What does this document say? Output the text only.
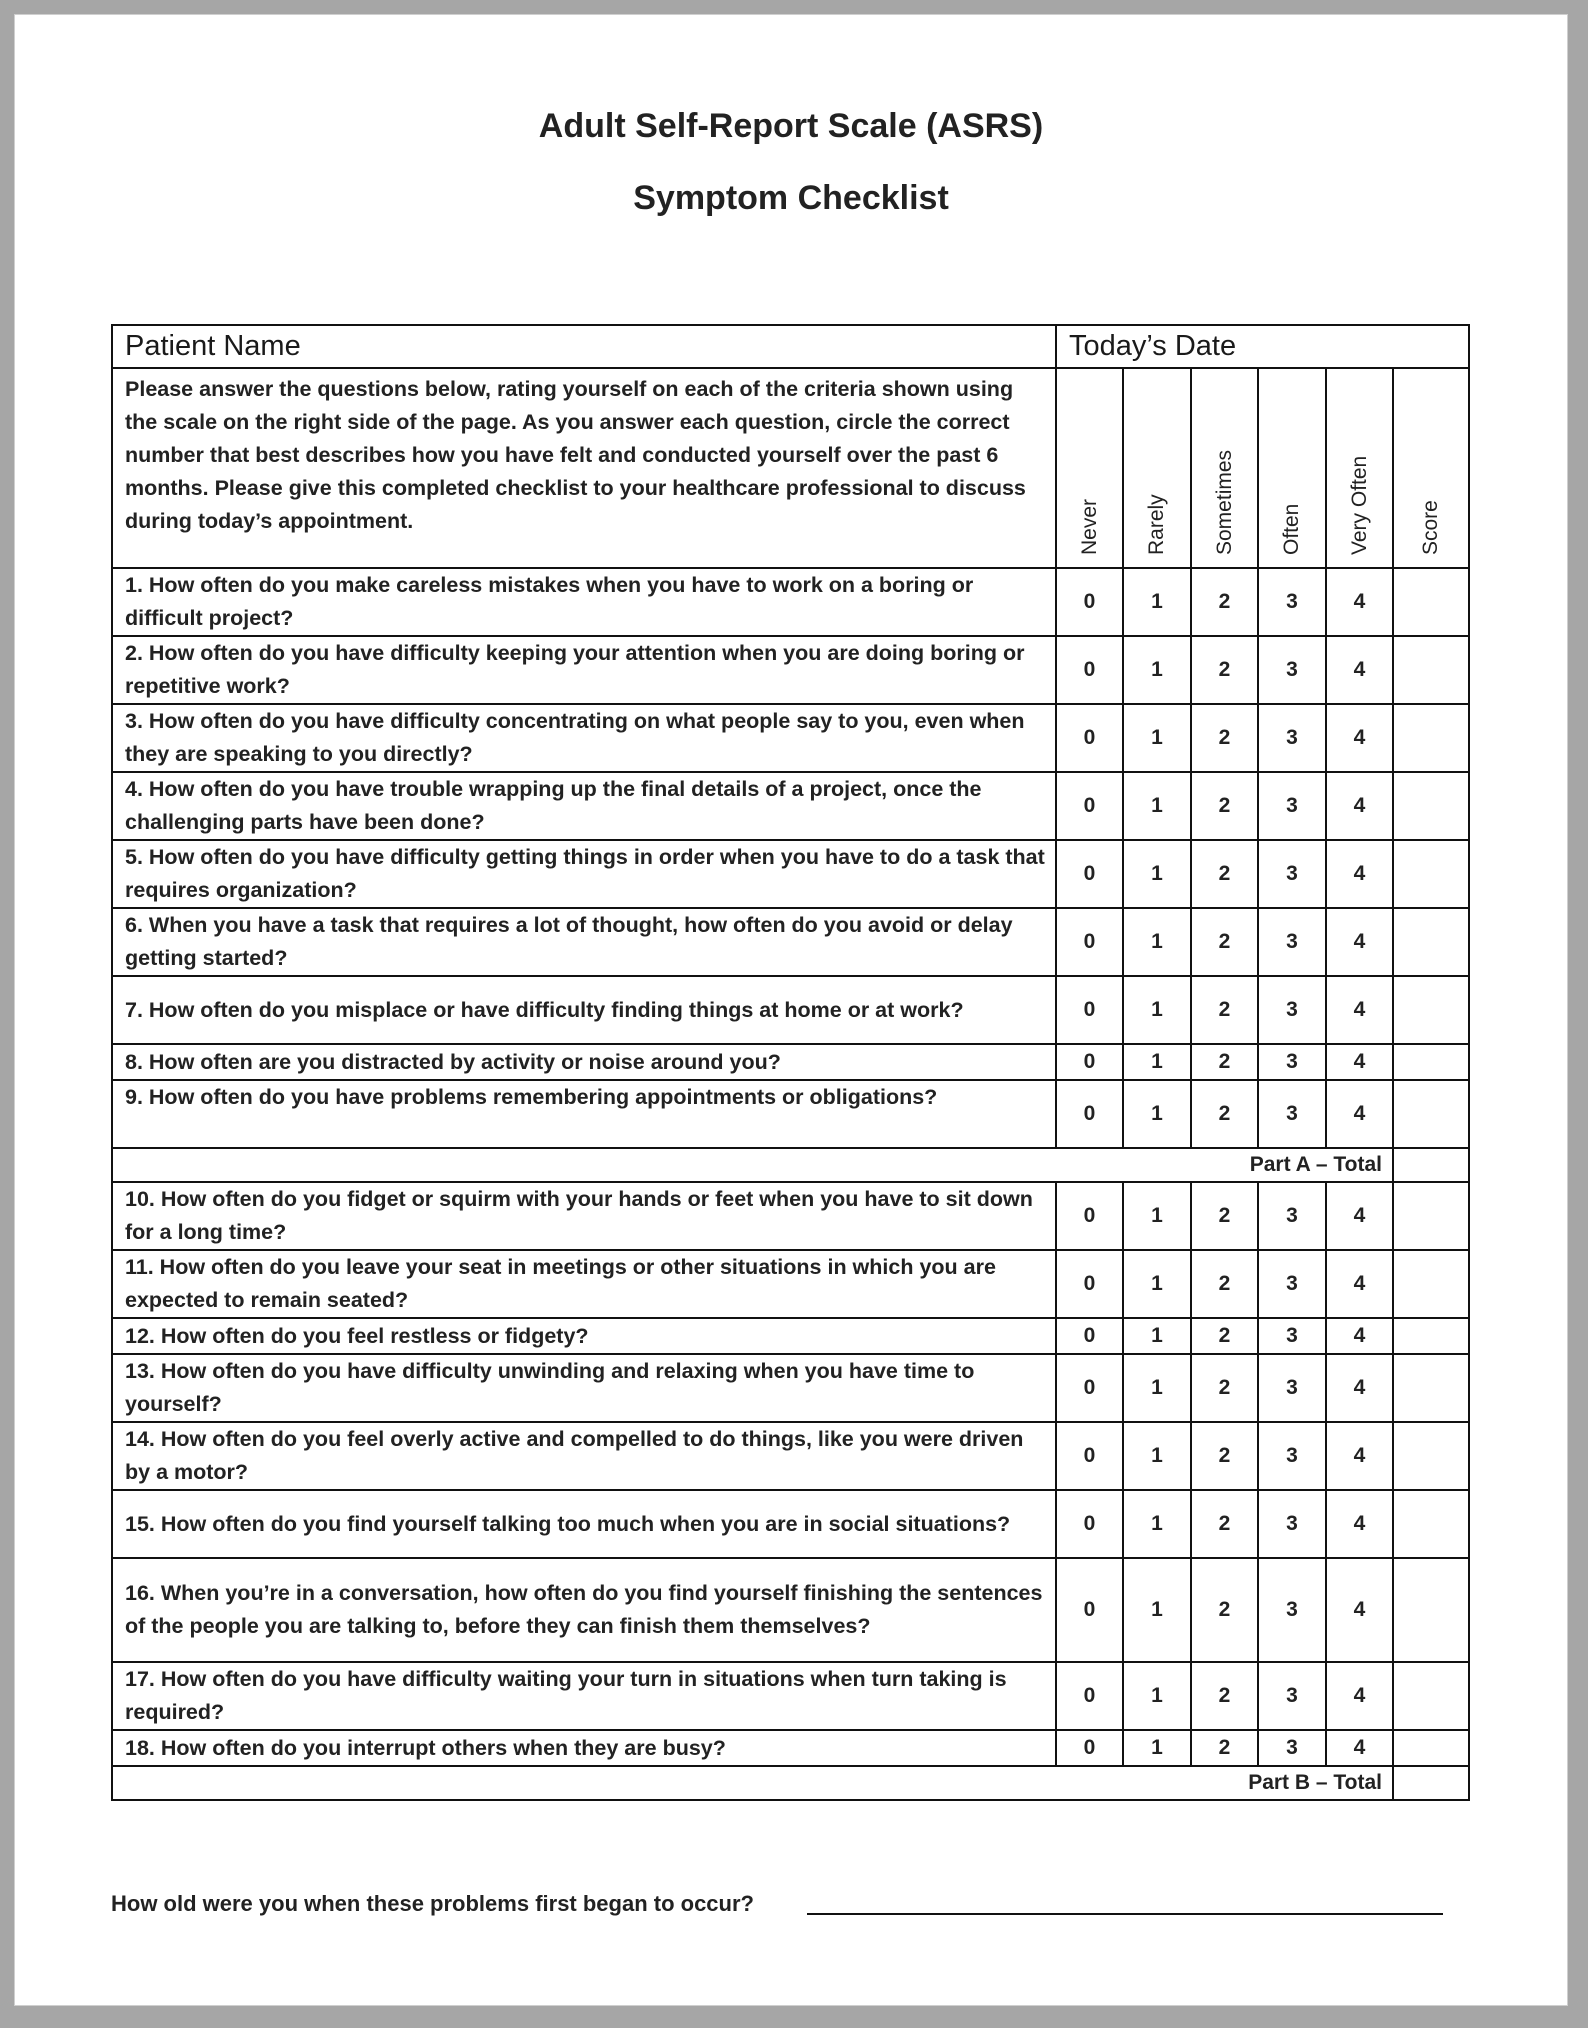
Adult Self-Report Scale (ASRS)
Symptom Checklist
Patient Name	Today’s Date					
Please answer the questions below, rating yourself on each of the criteria shown using the scale on the right side of the page. As you answer each question, circle the correct number that best describes how you have felt and conducted yourself over the past 6 months. Please give this completed checklist to your healthcare professional to discuss during today’s appointment.	Never	Rarely	Sometimes	Often	Very Often	Score

1. How often do you make careless mistakes when you have to work on a boring or difficult project?	0	1	2	3	4	
2. How often do you have difficulty keeping your attention when you are doing boring or repetitive work?	0	1	2	3	4	
3. How often do you have difficulty concentrating on what people say to you, even when they are speaking to you directly?	0	1	2	3	4	
4. How often do you have trouble wrapping up the final details of a project, once the challenging parts have been done?	0	1	2	3	4	
5. How often do you have difficulty getting things in order when you have to do a task that requires organization?	0	1	2	3	4	
6. When you have a task that requires a lot of thought, how often do you avoid or delay getting started?	0	1	2	3	4	
7. How often do you misplace or have difficulty finding things at home or at work?	0	1	2	3	4	
8. How often are you distracted by activity or noise around you?	0	1	2	3	4	
9. How often do you have problems remembering appointments or obligations?	0	1	2	3	4	
Part A – Total						
10. How often do you fidget or squirm with your hands or feet when you have to sit down for a long time?	0	1	2	3	4	
11. How often do you leave your seat in meetings or other situations in which you are expected to remain seated?	0	1	2	3	4	
12. How often do you feel restless or fidgety?	0	1	2	3	4	
13. How often do you have difficulty unwinding and relaxing when you have time to yourself?	0	1	2	3	4	
14. How often do you feel overly active and compelled to do things, like you were driven by a motor?	0	1	2	3	4	
15. How often do you find yourself talking too much when you are in social situations?	0	1	2	3	4	
16. When you’re in a conversation, how often do you find yourself finishing the sentences of the people you are talking to, before they can finish them themselves?	0	1	2	3	4	
17. How often do you have difficulty waiting your turn in situations when turn taking is required?	0	1	2	3	4	
18. How often do you interrupt others when they are busy?	0	1	2	3	4	
Part B – Total						
How old were you when these problems first began to occur?
